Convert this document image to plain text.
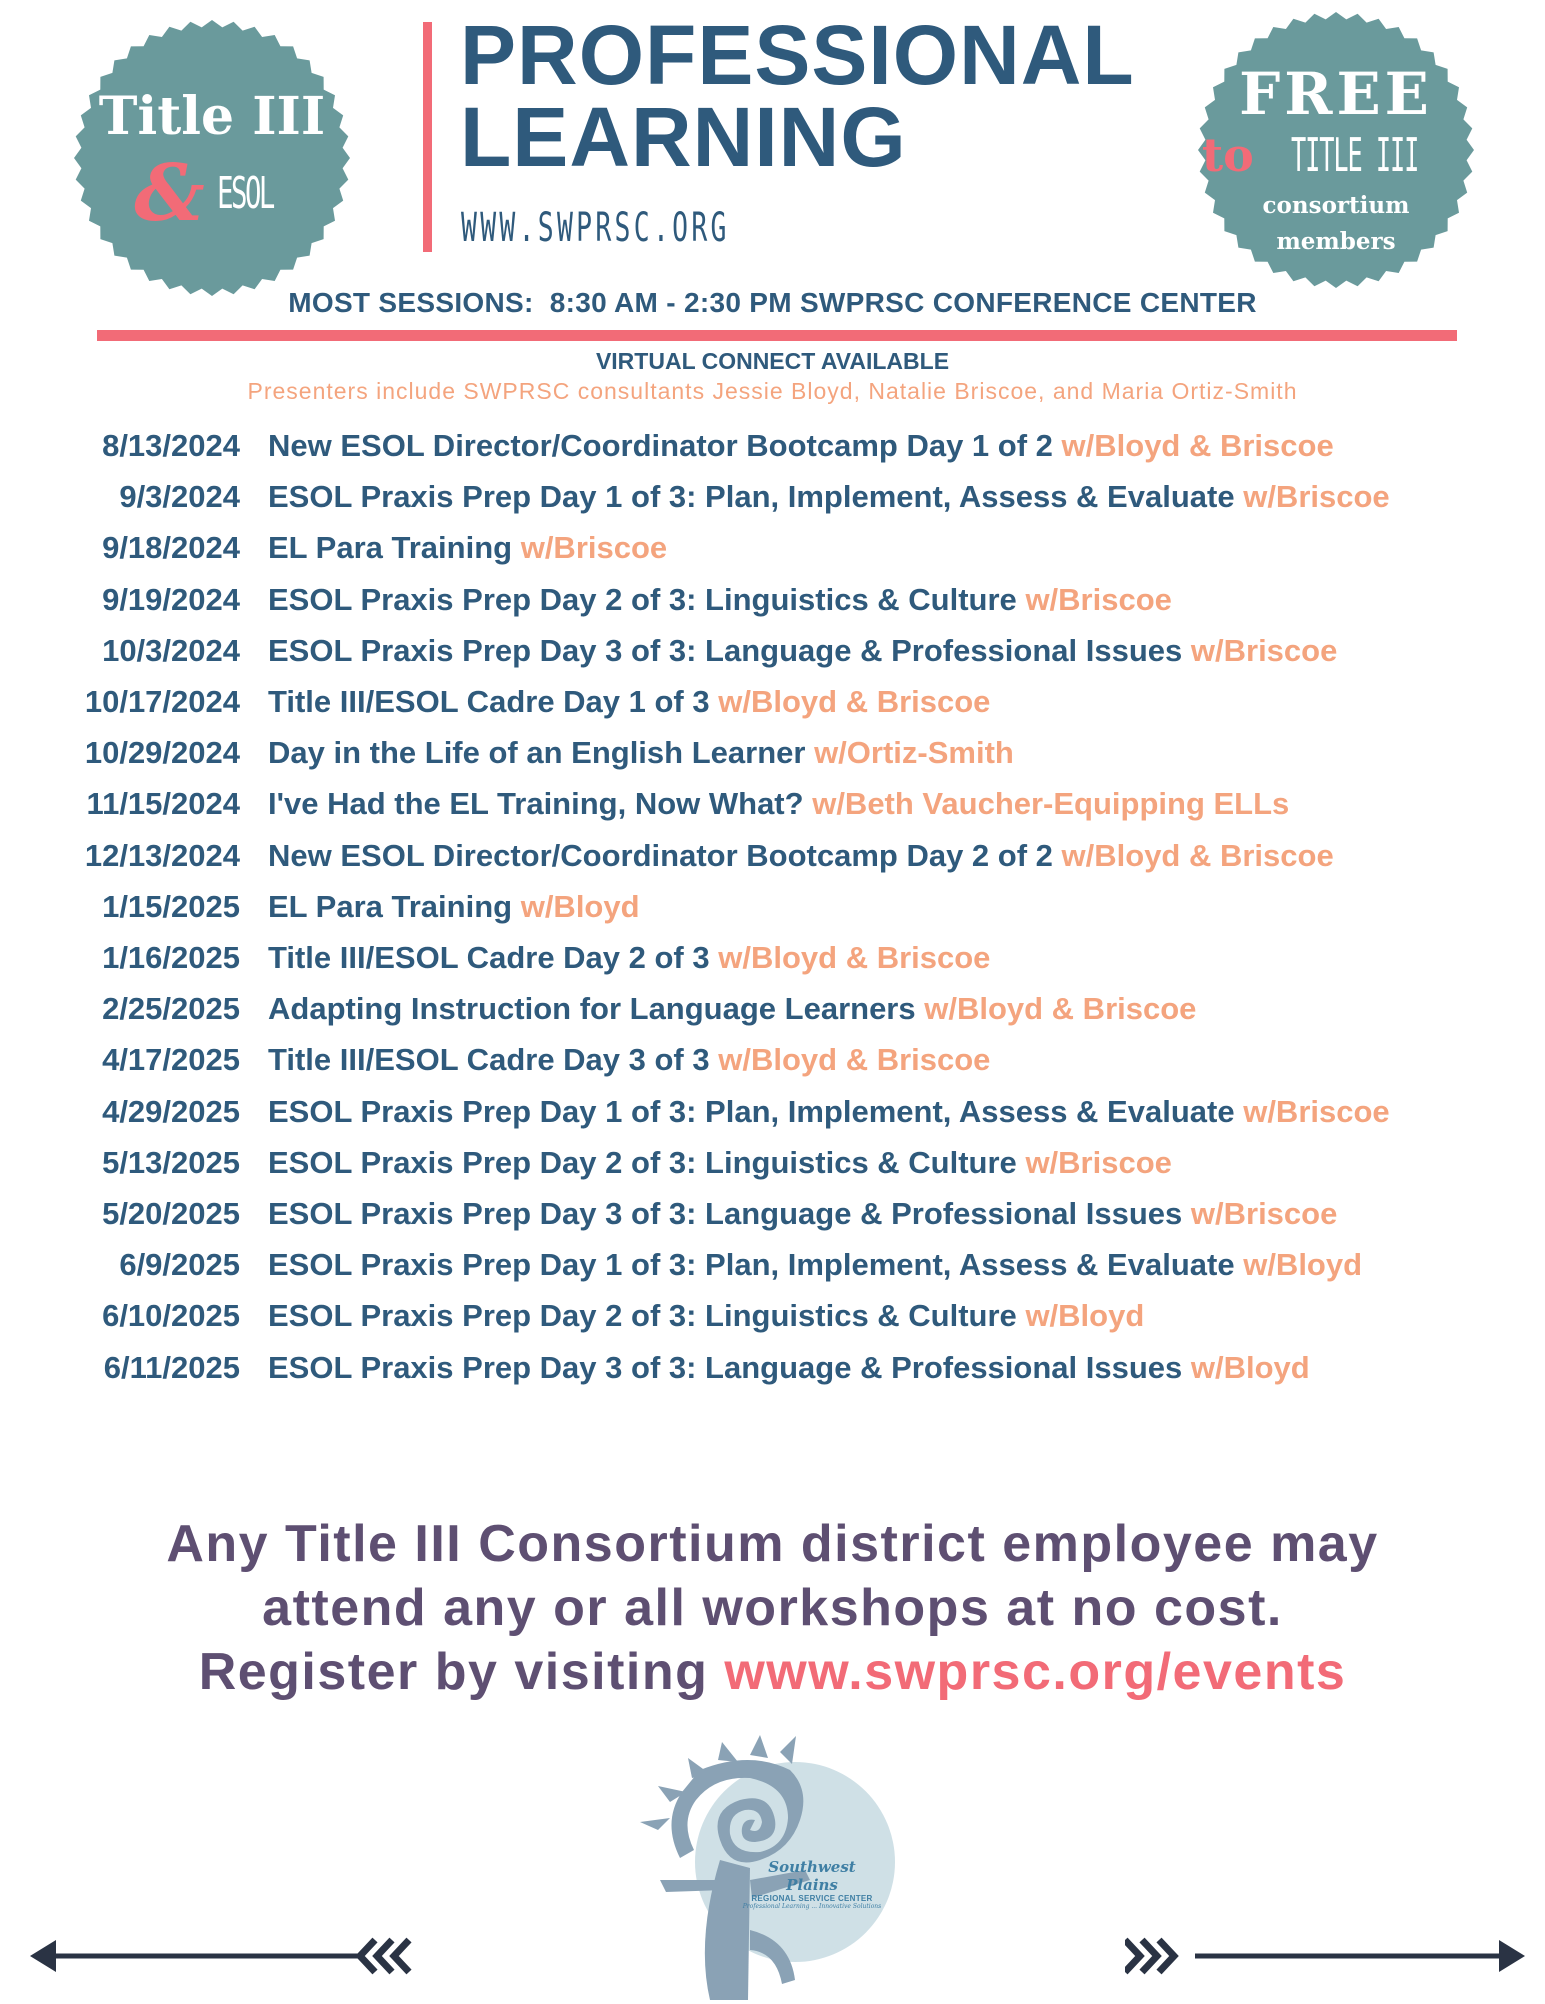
Title III
& ESOL
FREE
to TITLE III
consortium
members
PROFESSIONAL
LEARNING
WWW.SWPRSC.ORG
MOST SESSIONS:  8:30 AM - 2:30 PM SWPRSC CONFERENCE CENTER
VIRTUAL CONNECT AVAILABLE
Presenters include SWPRSC consultants Jessie Bloyd, Natalie Briscoe, and Maria Ortiz-Smith
8/13/2024 New ESOL Director/Coordinator Bootcamp Day 1 of 2 w/Bloyd & Briscoe
9/3/2024 ESOL Praxis Prep Day 1 of 3: Plan, Implement, Assess & Evaluate w/Briscoe
9/18/2024 EL Para Training w/Briscoe
9/19/2024 ESOL Praxis Prep Day 2 of 3: Linguistics & Culture w/Briscoe
10/3/2024 ESOL Praxis Prep Day 3 of 3: Language & Professional Issues w/Briscoe
10/17/2024 Title III/ESOL Cadre Day 1 of 3 w/Bloyd & Briscoe
10/29/2024 Day in the Life of an English Learner w/Ortiz-Smith
11/15/2024 I've Had the EL Training, Now What? w/Beth Vaucher-Equipping ELLs
12/13/2024 New ESOL Director/Coordinator Bootcamp Day 2 of 2 w/Bloyd & Briscoe
1/15/2025 EL Para Training w/Bloyd
1/16/2025 Title III/ESOL Cadre Day 2 of 3 w/Bloyd & Briscoe
2/25/2025 Adapting Instruction for Language Learners w/Bloyd & Briscoe
4/17/2025 Title III/ESOL Cadre Day 3 of 3 w/Bloyd & Briscoe
4/29/2025 ESOL Praxis Prep Day 1 of 3: Plan, Implement, Assess & Evaluate w/Briscoe
5/13/2025 ESOL Praxis Prep Day 2 of 3: Linguistics & Culture w/Briscoe
5/20/2025 ESOL Praxis Prep Day 3 of 3: Language & Professional Issues w/Briscoe
6/9/2025 ESOL Praxis Prep Day 1 of 3: Plan, Implement, Assess & Evaluate w/Bloyd
6/10/2025 ESOL Praxis Prep Day 2 of 3: Linguistics & Culture w/Bloyd
6/11/2025 ESOL Praxis Prep Day 3 of 3: Language & Professional Issues w/Bloyd
Any Title III Consortium district employee may
attend any or all workshops at no cost.
Register by visiting www.swprsc.org/events
Southwest Plains
REGIONAL SERVICE CENTER
Professional Learning ... Innovative Solutions
